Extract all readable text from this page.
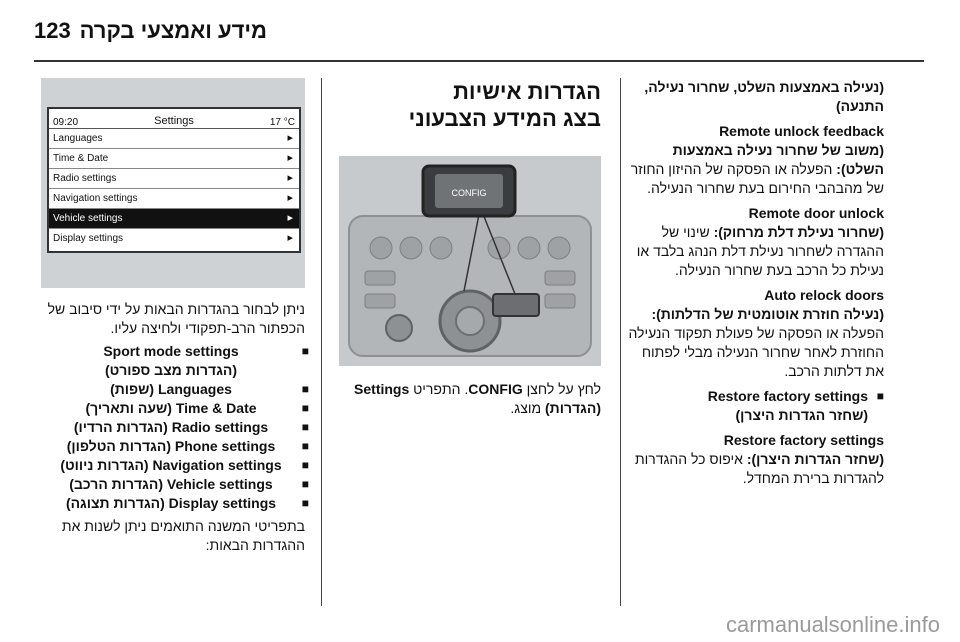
123 מידע ואמצעי בקרה

(נעילה באמצעות השלט, שחרור נעילה, התנעה)

Remote unlock feedback

(משוב של שחרור נעילה באמצעות השלט): הפעלה או הפסקה של ההיזון החוזר של מהבהבי החירום בעת שחרור הנעילה.

Remote door unlock

(שחרור נעילת דלת מרחוק): שינוי של ההגדרה לשחרור נעילת דלת הנהג בלבד או נעילת כל הרכב בעת שחרור הנעילה.

Auto relock doors

(נעילה חוזרת אוטומטית של הדלתות): הפעלה או הפסקה של פעולת תפקוד הנעילה החוזרת לאחר שחרור הנעילה מבלי לפתוח את דלתות הרכב.

■ Restore factory settings
(שחזר הגדרות היצרן)

Restore factory settings

(שחזר הגדרות היצרן): איפוס כל ההגדרות להגדרות ברירת המחדל.

הגדרות אישיות
בצג המידע הצבעוני

CONFIG

לחץ על לחצן CONFIG. התפריט Settings (הגדרות) מוצג.

09:20	Settings	17 °C
Languages	▸
Time & Date	▸
Radio settings	▸
Navigation settings	▸
Vehicle settings	▸
Display settings	▸

ניתן לבחור בהגדרות הבאות על ידי סיבוב של הכפתור הרב-תפקודי ולחיצה עליו.

■ Sport mode settings
(הגדרות מצב ספורט)

■ Languages (שפות)

■ Time & Date (שעה ותאריך)

■ Radio settings (הגדרות הרדיו)

■ Phone settings (הגדרות הטלפון)

■ Navigation settings (הגדרות ניווט)

■ Vehicle settings (הגדרות הרכב)

■ Display settings (הגדרות תצוגה)

בתפריטי המשנה התואמים ניתן לשנות את ההגדרות הבאות:

carmanualsonline.info
